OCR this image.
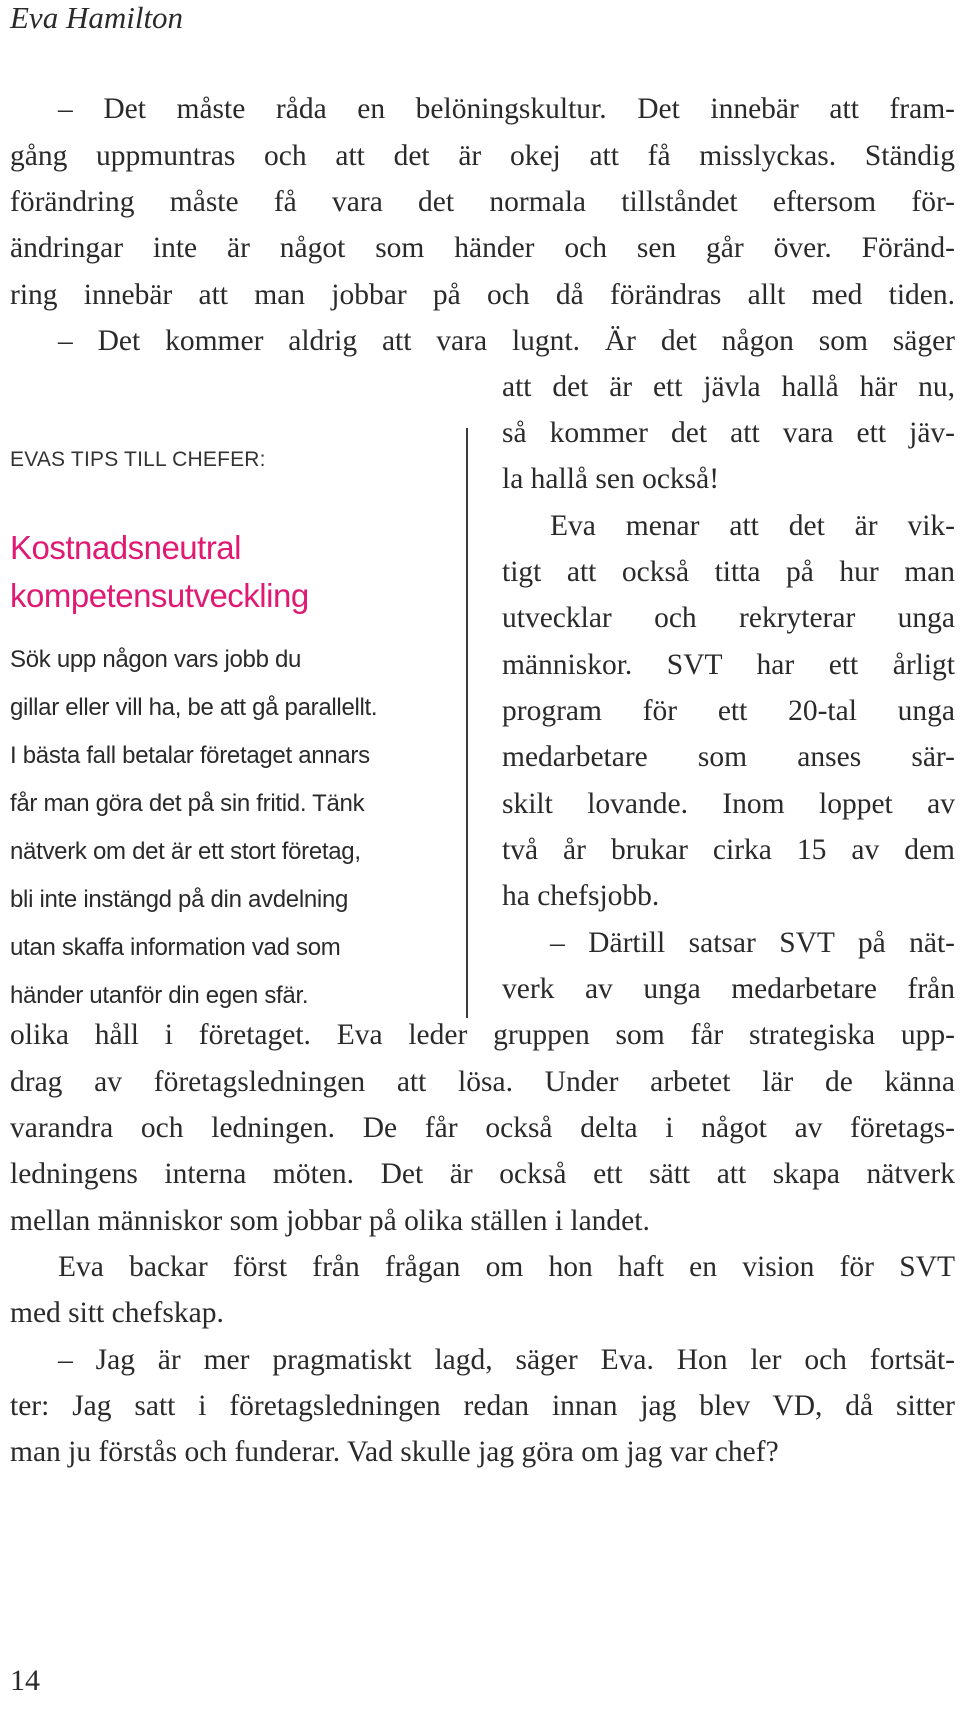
Eva Hamilton
– Det måste råda en belöningskultur. Det innebär att fram-
gång uppmuntras och att det är okej att få misslyckas. Ständig
förändring måste få vara det normala tillståndet eftersom för-
ändringar inte är något som händer och sen går över. Föränd-
ring innebär att man jobbar på och då förändras allt med tiden.
– Det kommer aldrig att vara lugnt. Är det någon som säger
EVAS TIPS TILL CHEFER:
Kostnadsneutral
kompetensutveckling
Sök upp någon vars jobb du
gillar eller vill ha, be att gå parallellt.
I bästa fall betalar företaget annars
får man göra det på sin fritid. Tänk
nätverk om det är ett stort företag,
bli inte instängd på din avdelning
utan skaffa information vad som
händer utanför din egen sfär.
att det är ett jävla hallå här nu,
så kommer det att vara ett jäv-
la hallå sen också!
Eva menar att det är vik-
tigt att också titta på hur man
utvecklar och rekryterar unga
människor. SVT har ett årligt
program för ett 20-tal unga
medarbetare som anses sär-
skilt lovande. Inom loppet av
två år brukar cirka 15 av dem
ha chefsjobb.
– Därtill satsar SVT på nät-
verk av unga medarbetare från
olika håll i företaget. Eva leder gruppen som får strategiska upp-
drag av företagsledningen att lösa. Under arbetet lär de känna
varandra och ledningen. De får också delta i något av företags-
ledningens interna möten. Det är också ett sätt att skapa nätverk
mellan människor som jobbar på olika ställen i landet.
Eva backar först från frågan om hon haft en vision för SVT
med sitt chefskap.
– Jag är mer pragmatiskt lagd, säger Eva. Hon ler och fortsät-
ter: Jag satt i företagsledningen redan innan jag blev VD, då sitter
man ju förstås och funderar. Vad skulle jag göra om jag var chef?
14
